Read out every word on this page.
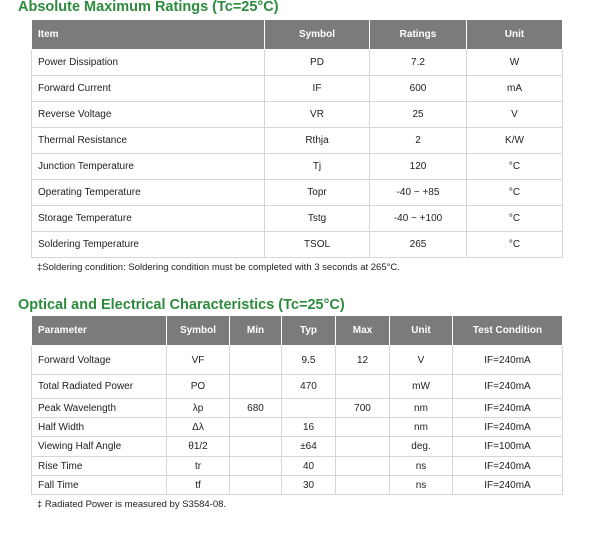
Absolute Maximum Ratings (Tc=25°C)
Item	Symbol	Ratings	Unit
Power Dissipation	PD	7.2	W
Forward Current	IF	600	mA
Reverse Voltage	VR	25	V
Thermal Resistance	Rthja	2	K/W
Junction Temperature	Tj	120	°C
Operating Temperature	Topr	-40 ~ +85	°C
Storage Temperature	Tstg	-40 ~ +100	°C
Soldering Temperature	TSOL	265	°C
‡Soldering condition: Soldering condition must be completed with 3 seconds at 265°C.
Optical and Electrical Characteristics (Tc=25°C)
Parameter	Symbol	Min	Typ	Max	Unit	Test Condition
Forward Voltage	VF		9.5	12	V	IF=240mA
Total Radiated Power	PO		470		mW	IF=240mA
Peak Wavelength	λp	680		700	nm	IF=240mA
Half Width	Δλ		16		nm	IF=240mA
Viewing Half Angle	θ1/2		±64		deg.	IF=100mA
Rise Time	tr		40		ns	IF=240mA
Fall Time	tf		30		ns	IF=240mA
‡ Radiated Power is measured by S3584-08.
